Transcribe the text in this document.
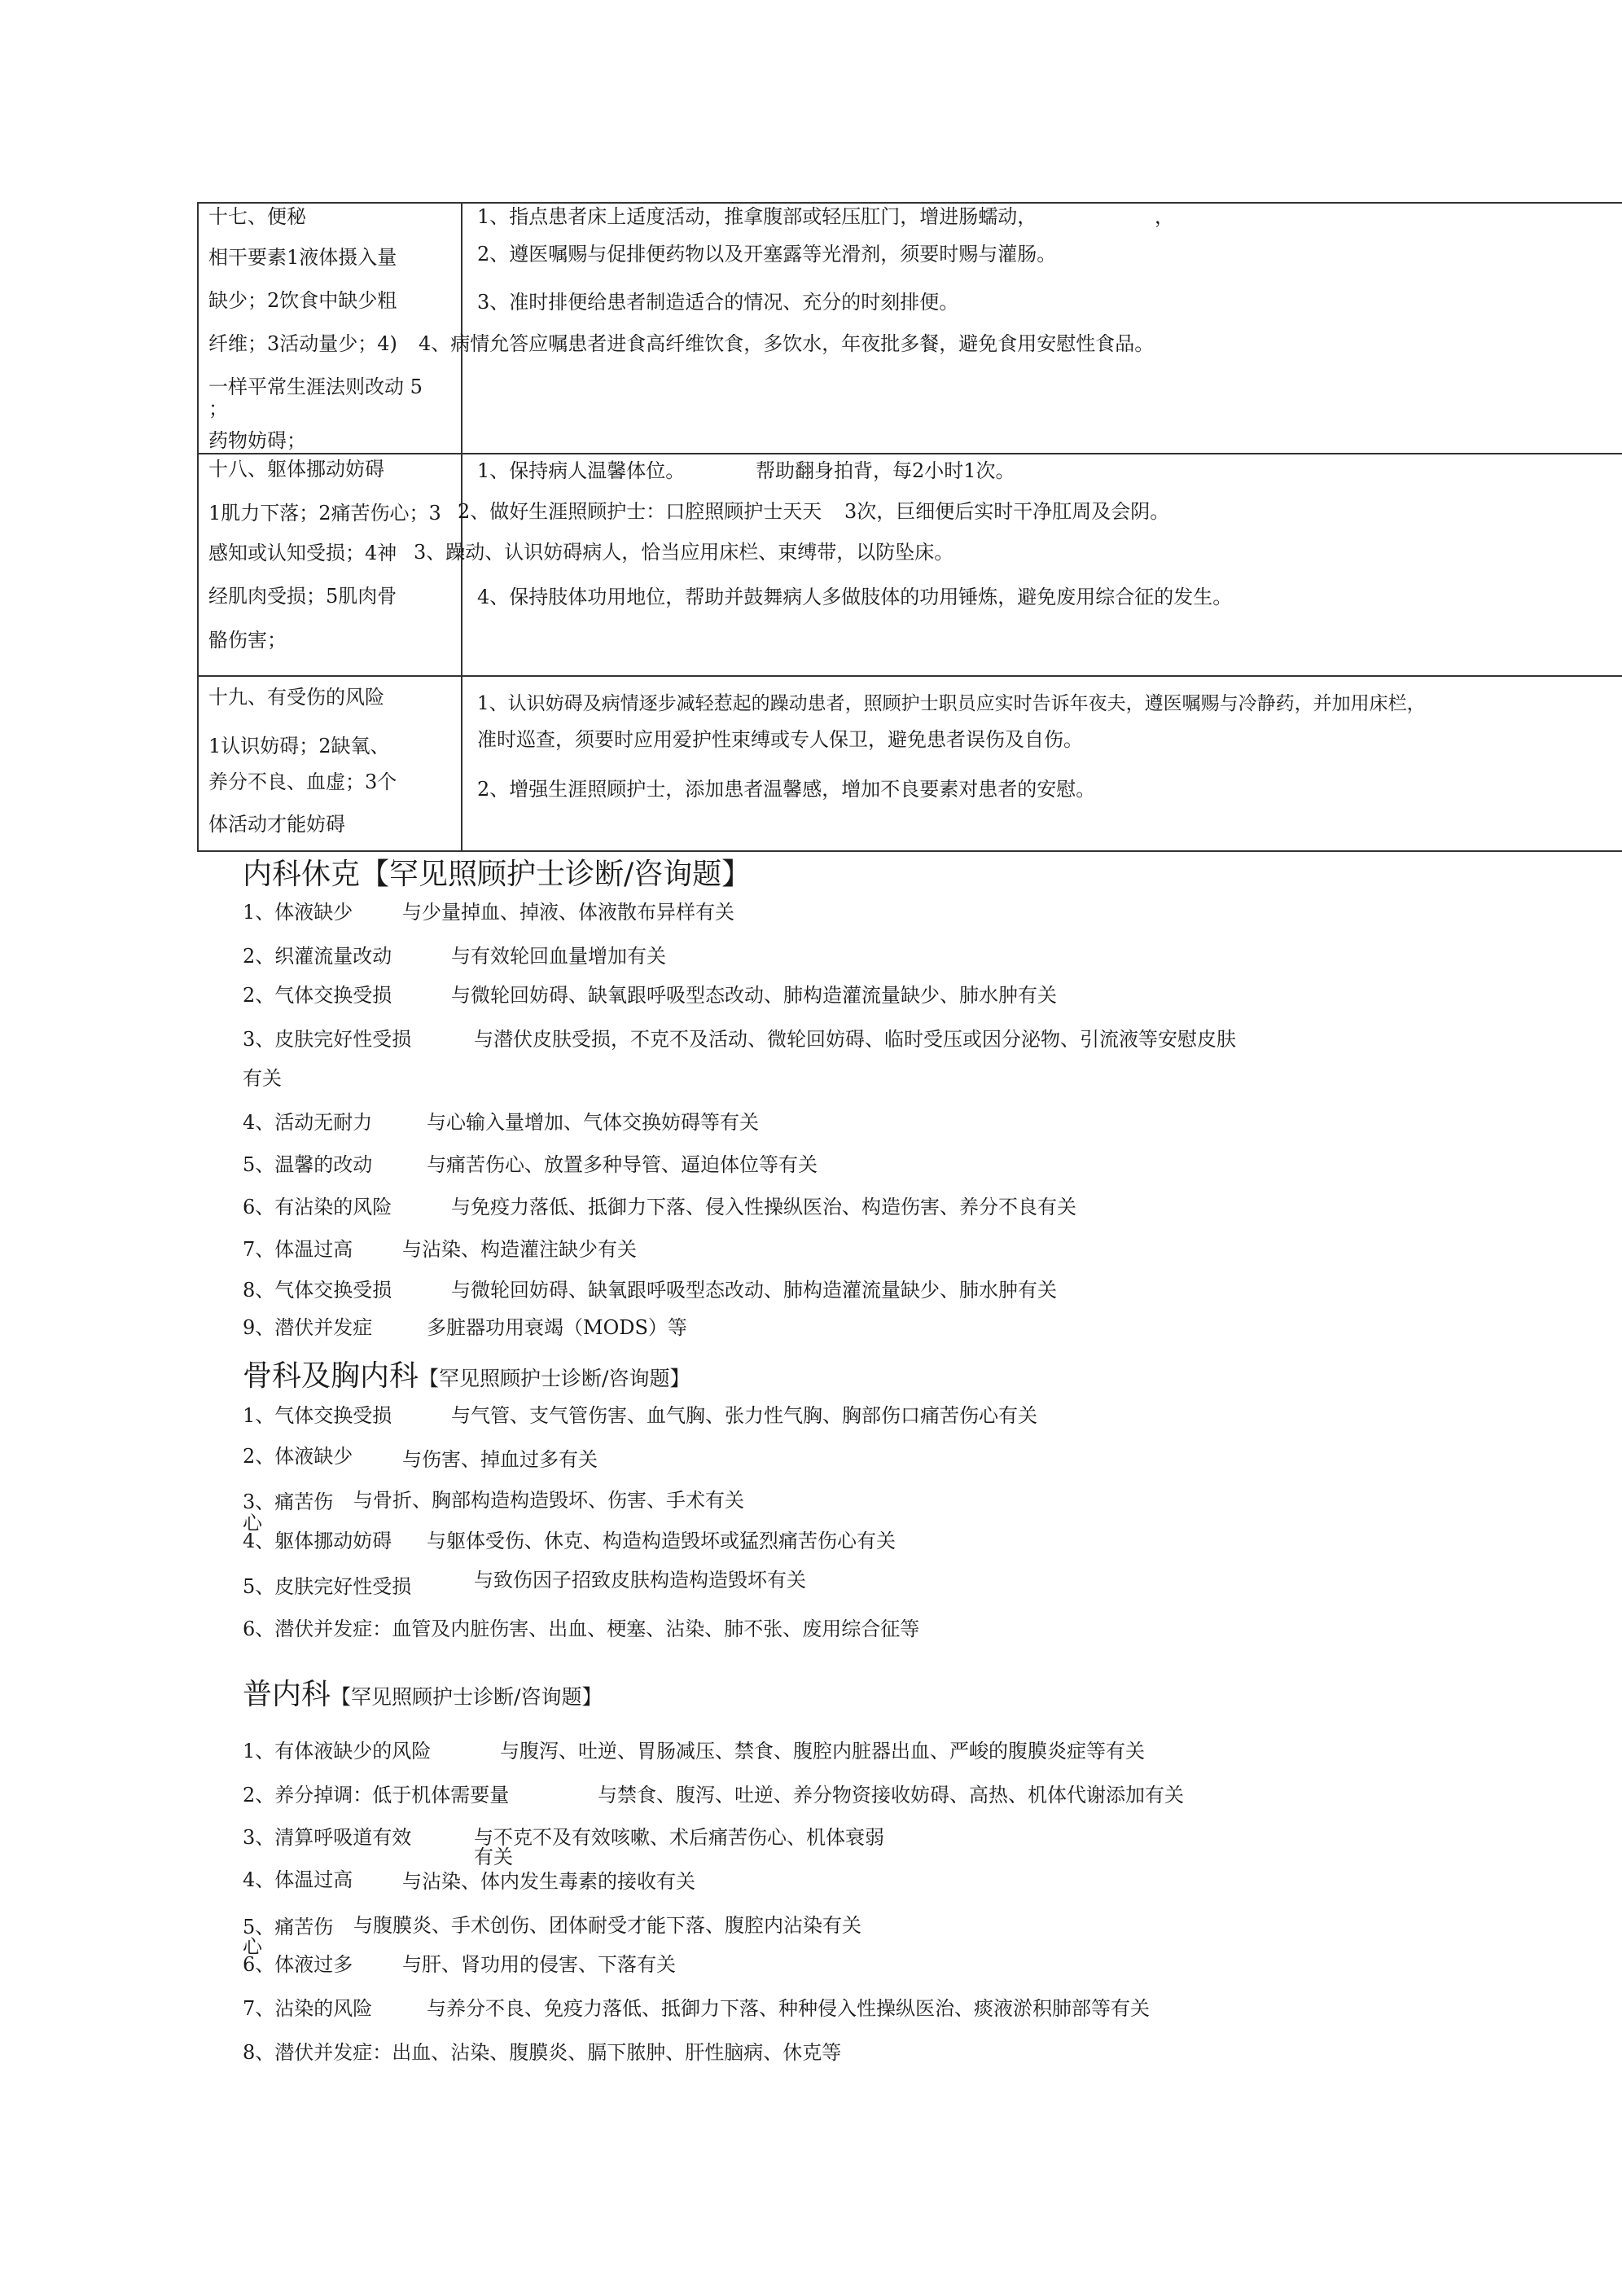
十七、便秘
相干要素1液体摄入量
缺少；2饮食中缺少粗
纤维；3活动量少；4)
一样平常生涯法则改动 5
；
药物妨碍；
1、指点患者床上适度活动，推拿腹部或轻压肛门，增进肠蠕动，	，
2、遵医嘱赐与促排便药物以及开塞露等光滑剂，须要时赐与灌肠。
3、准时排便给患者制造适合的情况、充分的时刻排便。
4、病情允答应嘱患者进食高纤维饮食，多饮水，年夜批多餐，避免食用安慰性食品。
十八、躯体挪动妨碍
1肌力下落；2痛苦伤心；3
感知或认知受损；4神
经肌肉受损；5肌肉骨
骼伤害；
1、保持病人温馨体位。	帮助翻身拍背，每2小时1次。
2、做好生涯照顾护士：口腔照顾护士天天 3次，巨细便后实时干净肛周及会阴。
3、躁动、认识妨碍病人，恰当应用床栏、束缚带，以防坠床。
4、保持肢体功用地位，帮助并鼓舞病人多做肢体的功用锤炼，避免废用综合征的发生。
十九、有受伤的风险
1认识妨碍；2缺氧、
养分不良、血虚；3个
体活动才能妨碍
1、认识妨碍及病情逐步减轻惹起的躁动患者，照顾护士职员应实时告诉年夜夫，遵医嘱赐与冷静药，并加用床栏，
准时巡查，须要时应用爱护性束缚或专人保卫，避免患者误伤及自伤。
2、增强生涯照顾护士，添加患者温馨感，增加不良要素对患者的安慰。
内科休克【罕见照顾护士诊断/咨询题】
1、体液缺少	与少量掉血、掉液、体液散布异样有关
2、织灌流量改动	与有效轮回血量增加有关
2、气体交换受损	与微轮回妨碍、缺氧跟呼吸型态改动、肺构造灌流量缺少、肺水肿有关
3、皮肤完好性受损	与潜伏皮肤受损，不克不及活动、微轮回妨碍、临时受压或因分泌物、引流液等安慰皮肤
有关
4、活动无耐力	与心输入量增加、气体交换妨碍等有关
5、温馨的改动	与痛苦伤心、放置多种导管、逼迫体位等有关
6、有沾染的风险	与免疫力落低、抵御力下落、侵入性操纵医治、构造伤害、养分不良有关
7、体温过高	与沾染、构造灌注缺少有关
8、气体交换受损	与微轮回妨碍、缺氧跟呼吸型态改动、肺构造灌流量缺少、肺水肿有关
9、潜伏并发症	多脏器功用衰竭（MODS）等
骨科及胸内科【罕见照顾护士诊断/咨询题】
1、气体交换受损	与气管、支气管伤害、血气胸、张力性气胸、胸部伤口痛苦伤心有关
2、体液缺少	与伤害、掉血过多有关
3、痛苦伤 与骨折、胸部构造构造毁坏、伤害、手术有关
心
4、躯体挪动妨碍 与躯体受伤、休克、构造构造毁坏或猛烈痛苦伤心有关
5、皮肤完好性受损	与致伤因子招致皮肤构造构造毁坏有关
6、潜伏并发症：血管及内脏伤害、出血、梗塞、沾染、肺不张、废用综合征等
普内科【罕见照顾护士诊断/咨询题】
1、有体液缺少的风险	与腹泻、吐逆、胃肠减压、禁食、腹腔内脏器出血、严峻的腹膜炎症等有关
2、养分掉调：低于机体需要量	与禁食、腹泻、吐逆、养分物资接收妨碍、高热、机体代谢添加有关
3、清算呼吸道有效	与不克不及有效咳嗽、术后痛苦伤心、机体衰弱
有关
4、体温过高	与沾染、体内发生毒素的接收有关
5、痛苦伤 与腹膜炎、手术创伤、团体耐受才能下落、腹腔内沾染有关
心
6、体液过多	与肝、肾功用的侵害、下落有关
7、沾染的风险	与养分不良、免疫力落低、抵御力下落、种种侵入性操纵医治、痰液淤积肺部等有关
8、潜伏并发症：出血、沾染、腹膜炎、膈下脓肿、肝性脑病、休克等
